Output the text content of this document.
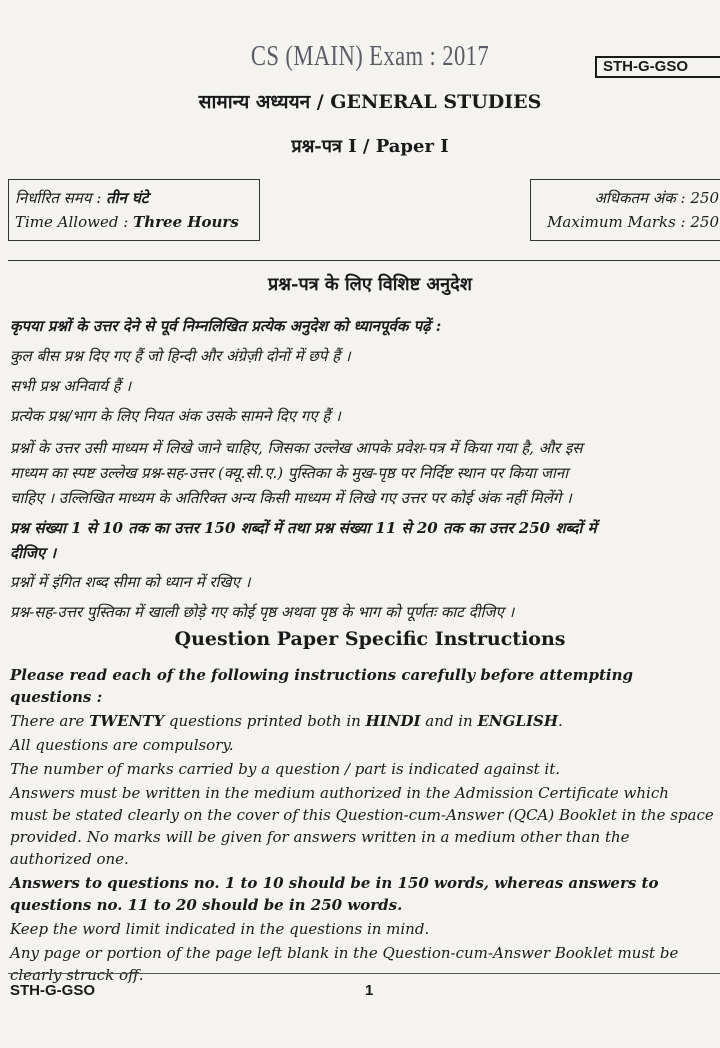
CS (MAIN) Exam : 2017	STH-G-GSO
सामान्य अध्ययन / GENERAL STUDIES
प्रश्न-पत्र I / Paper I
निर्धारित समय : तीन घंटे
Time Allowed : Three Hours
अधिकतम अंक : 250
Maximum Marks : 250
प्रश्न-पत्र के लिए विशिष्ट अनुदेश
कृपया प्रश्नों के उत्तर देने से पूर्व निम्नलिखित प्रत्येक अनुदेश को ध्यानपूर्वक पढ़ें :
कुल बीस प्रश्न दिए गए हैं जो हिन्दी और अंग्रेज़ी दोनों में छपे हैं ।
सभी प्रश्न अनिवार्य हैं ।
प्रत्येक प्रश्न/भाग के लिए नियत अंक उसके सामने दिए गए हैं ।
प्रश्नों के उत्तर उसी माध्यम में लिखे जाने चाहिए, जिसका उल्लेख आपके प्रवेश-पत्र में किया गया है, और इस
माध्यम का स्पष्ट उल्लेख प्रश्न-सह-उत्तर (क्यू.सी.ए.) पुस्तिका के मुख-पृष्ठ पर निर्दिष्ट स्थान पर किया जाना
चाहिए । उल्लिखित माध्यम के अतिरिक्त अन्य किसी माध्यम में लिखे गए उत्तर पर कोई अंक नहीं मिलेंगे ।
प्रश्न संख्या 1 से 10 तक का उत्तर 150 शब्दों में तथा प्रश्न संख्या 11 से 20 तक का उत्तर 250 शब्दों में
दीजिए ।
प्रश्नों में इंगित शब्द सीमा को ध्यान में रखिए ।
प्रश्न-सह-उत्तर पुस्तिका में खाली छोड़े गए कोई पृष्ठ अथवा पृष्ठ के भाग को पूर्णतः काट दीजिए ।
Question Paper Specific Instructions
Please read each of the following instructions carefully before attempting
questions :
There are TWENTY questions printed both in HINDI and in ENGLISH.
All questions are compulsory.
The number of marks carried by a question / part is indicated against it.
Answers must be written in the medium authorized in the Admission Certificate which
must be stated clearly on the cover of this Question-cum-Answer (QCA) Booklet in the space
provided. No marks will be given for answers written in a medium other than the
authorized one.
Answers to questions no. 1 to 10 should be in 150 words, whereas answers to
questions no. 11 to 20 should be in 250 words.
Keep the word limit indicated in the questions in mind.
Any page or portion of the page left blank in the Question-cum-Answer Booklet must be
clearly struck off.
STH-G-GSO	1
